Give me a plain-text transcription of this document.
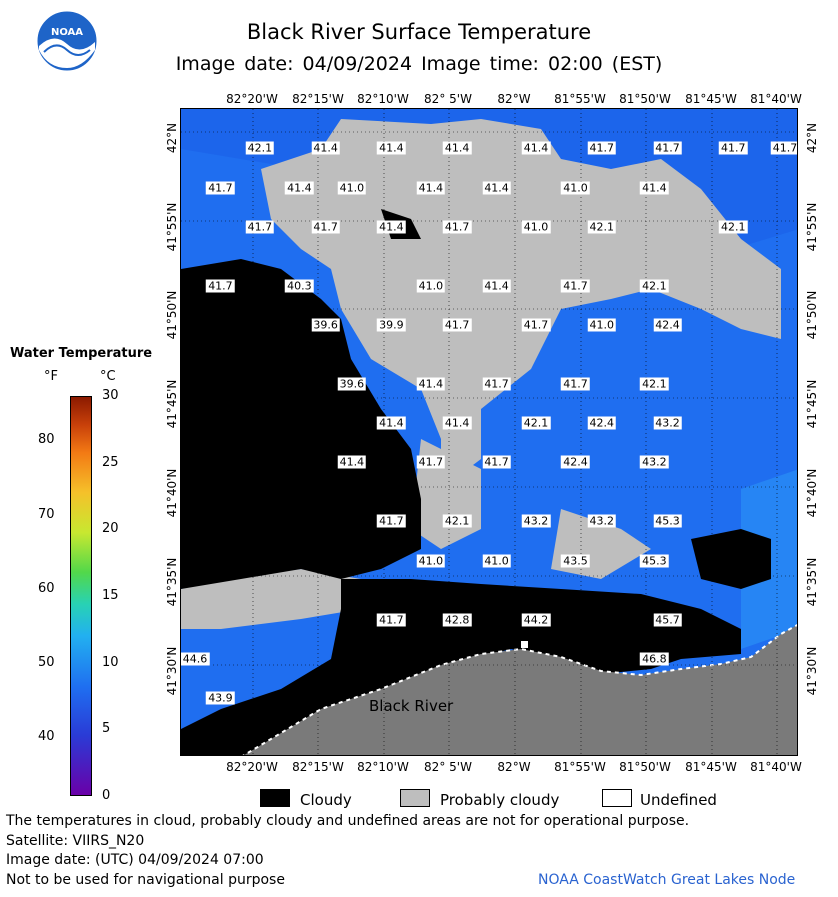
NOAA	Black River Surface Temperature
Image date: 04/09/2024 Image time: 02:00 (EST)
82°20'W	82°15'W	82°10'W	82° 5'W	82°W	81°55'W	81°50'W	81°45'W	81°40'W
82°20'W	82°15'W	82°10'W	82° 5'W	82°W	81°55'W	81°50'W	81°45'W	81°40'W
42°N
41°55'N
41°50'N
41°45'N
41°40'N
41°35'N
41°30'N
42°N
41°55'N
41°50'N
41°45'N
41°40'N
41°35'N
41°30'N
Black River
42.1	41.4	41.4	41.4	41.4	41.7	41.7	41.7 41.7
41.7	41.4	41.0	41.4	41.4	41.0	41.4
41.7	41.7	41.4	41.7	41.0	42.1	42.1
41.7	40.3	41.0	41.4	41.7	42.1
39.6	39.9	41.7	41.7	41.0	42.4
39.6	41.4	41.7	41.7	42.1
41.4	41.4	42.1	42.4	43.2
41.4	41.7	41.7	42.4	43.2
41.7	42.1	43.2	43.2	45.3
41.0	41.0	43.5	45.3
41.7	42.8	44.2	45.7
44.6	46.8
43.9
Water Temperature
°F	°C
80
70
60
50
40
30
25
20
15
10
5
0	Cloudy	Probably cloudy	Undefined
The temperatures in cloud, probably cloudy and undefined areas are not for operational purpose.
Satellite: VIIRS_N20
Image date: (UTC) 04/09/2024 07:00
Not to be used for navigational purpose	NOAA CoastWatch Great Lakes Node
